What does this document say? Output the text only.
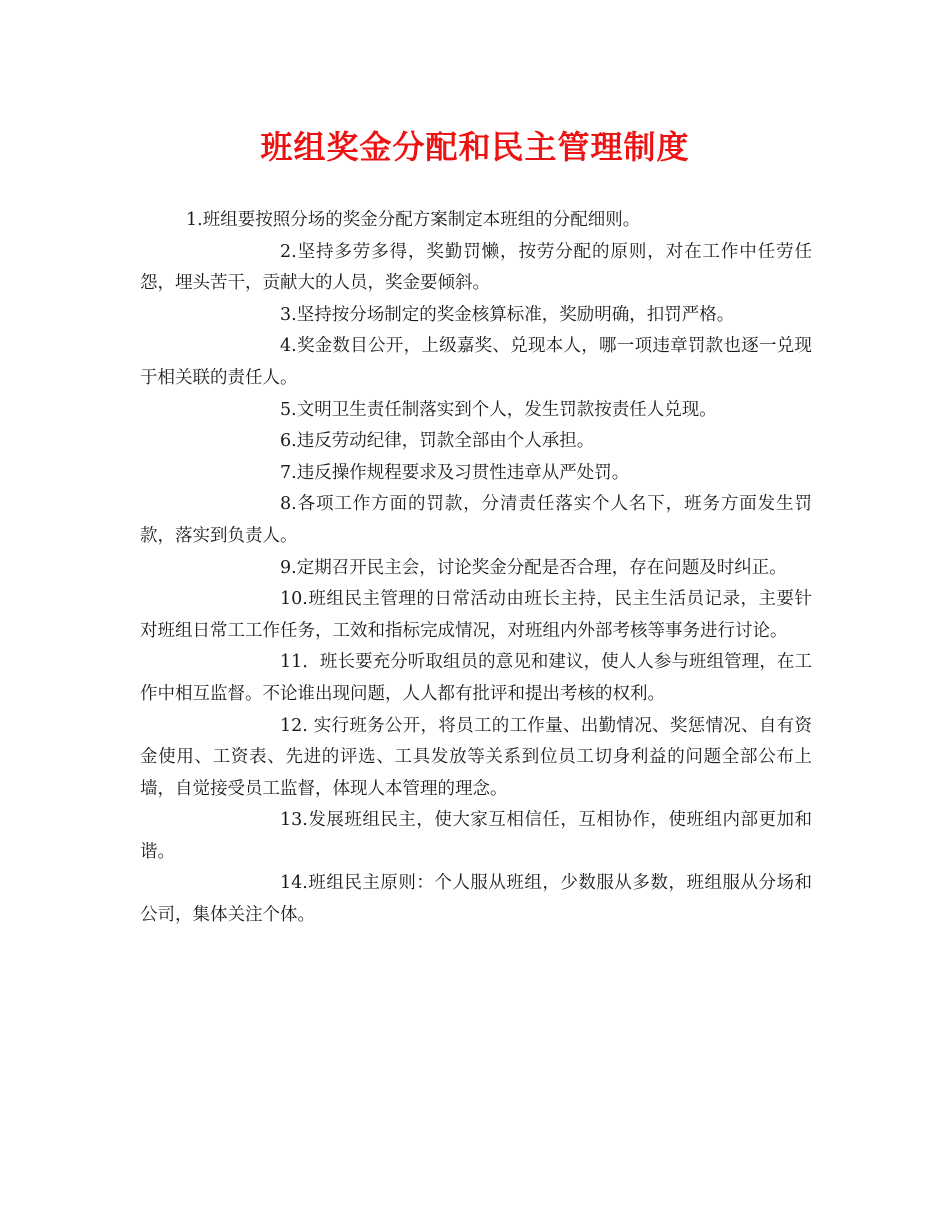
班组奖金分配和民主管理制度

1.班组要按照分场的奖金分配方案制定本班组的分配细则。

2.坚持多劳多得，奖勤罚懒，按劳分配的原则，对在工作中任劳任怨，埋头苦干，贡献大的人员，奖金要倾斜。

3.坚持按分场制定的奖金核算标准，奖励明确，扣罚严格。

4.奖金数目公开，上级嘉奖、兑现本人，哪一项违章罚款也逐一兑现于相关联的责任人。

5.文明卫生责任制落实到个人，发生罚款按责任人兑现。

6.违反劳动纪律，罚款全部由个人承担。

7.违反操作规程要求及习贯性违章从严处罚。

8.各项工作方面的罚款，分清责任落实个人名下，班务方面发生罚款，落实到负责人。

9.定期召开民主会，讨论奖金分配是否合理，存在问题及时纠正。

10.班组民主管理的日常活动由班长主持，民主生活员记录，主要针对班组日常工工作任务，工效和指标完成情况，对班组内外部考核等事务进行讨论。

11．班长要充分听取组员的意见和建议，使人人参与班组管理，在工作中相互监督。不论谁出现问题，人人都有批评和提出考核的权利。

12. 实行班务公开，将员工的工作量、出勤情况、奖惩情况、自有资金使用、工资表、先进的评选、工具发放等关系到位员工切身利益的问题全部公布上墙，自觉接受员工监督，体现人本管理的理念。

13.发展班组民主，使大家互相信任，互相协作，使班组内部更加和谐。

14.班组民主原则：个人服从班组，少数服从多数，班组服从分场和公司，集体关注个体。
